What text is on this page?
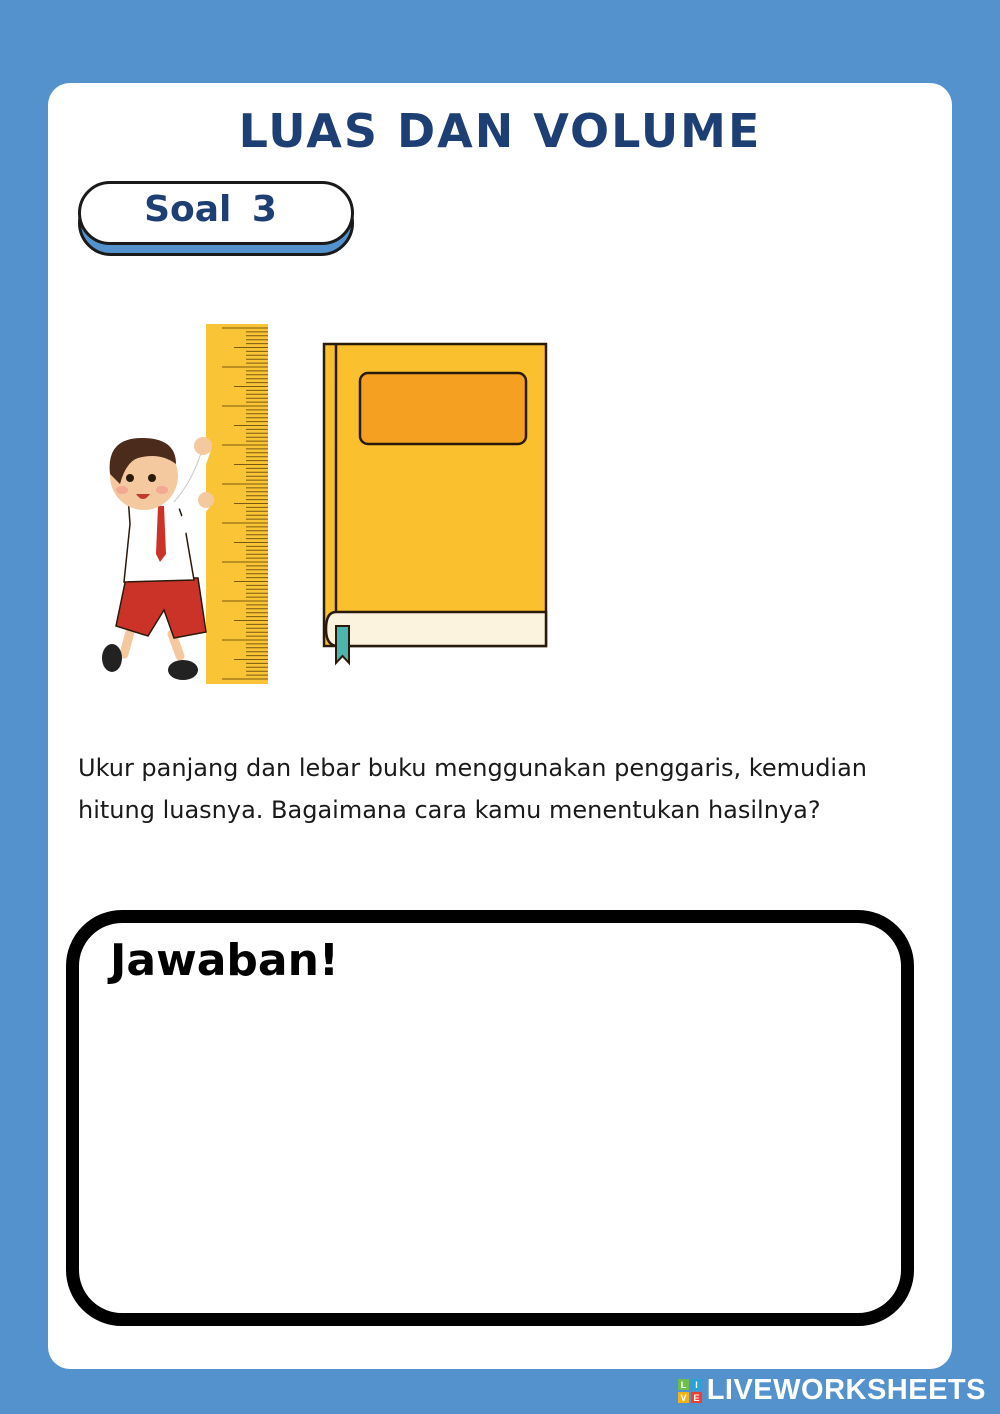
LUAS DAN VOLUME
Soal 3
Ukur panjang dan lebar buku menggunakan penggaris, kemudian
hitung luasnya. Bagaimana cara kamu menentukan hasilnya?
Jawaban!
L I
V E LIVEWORKSHEETS
